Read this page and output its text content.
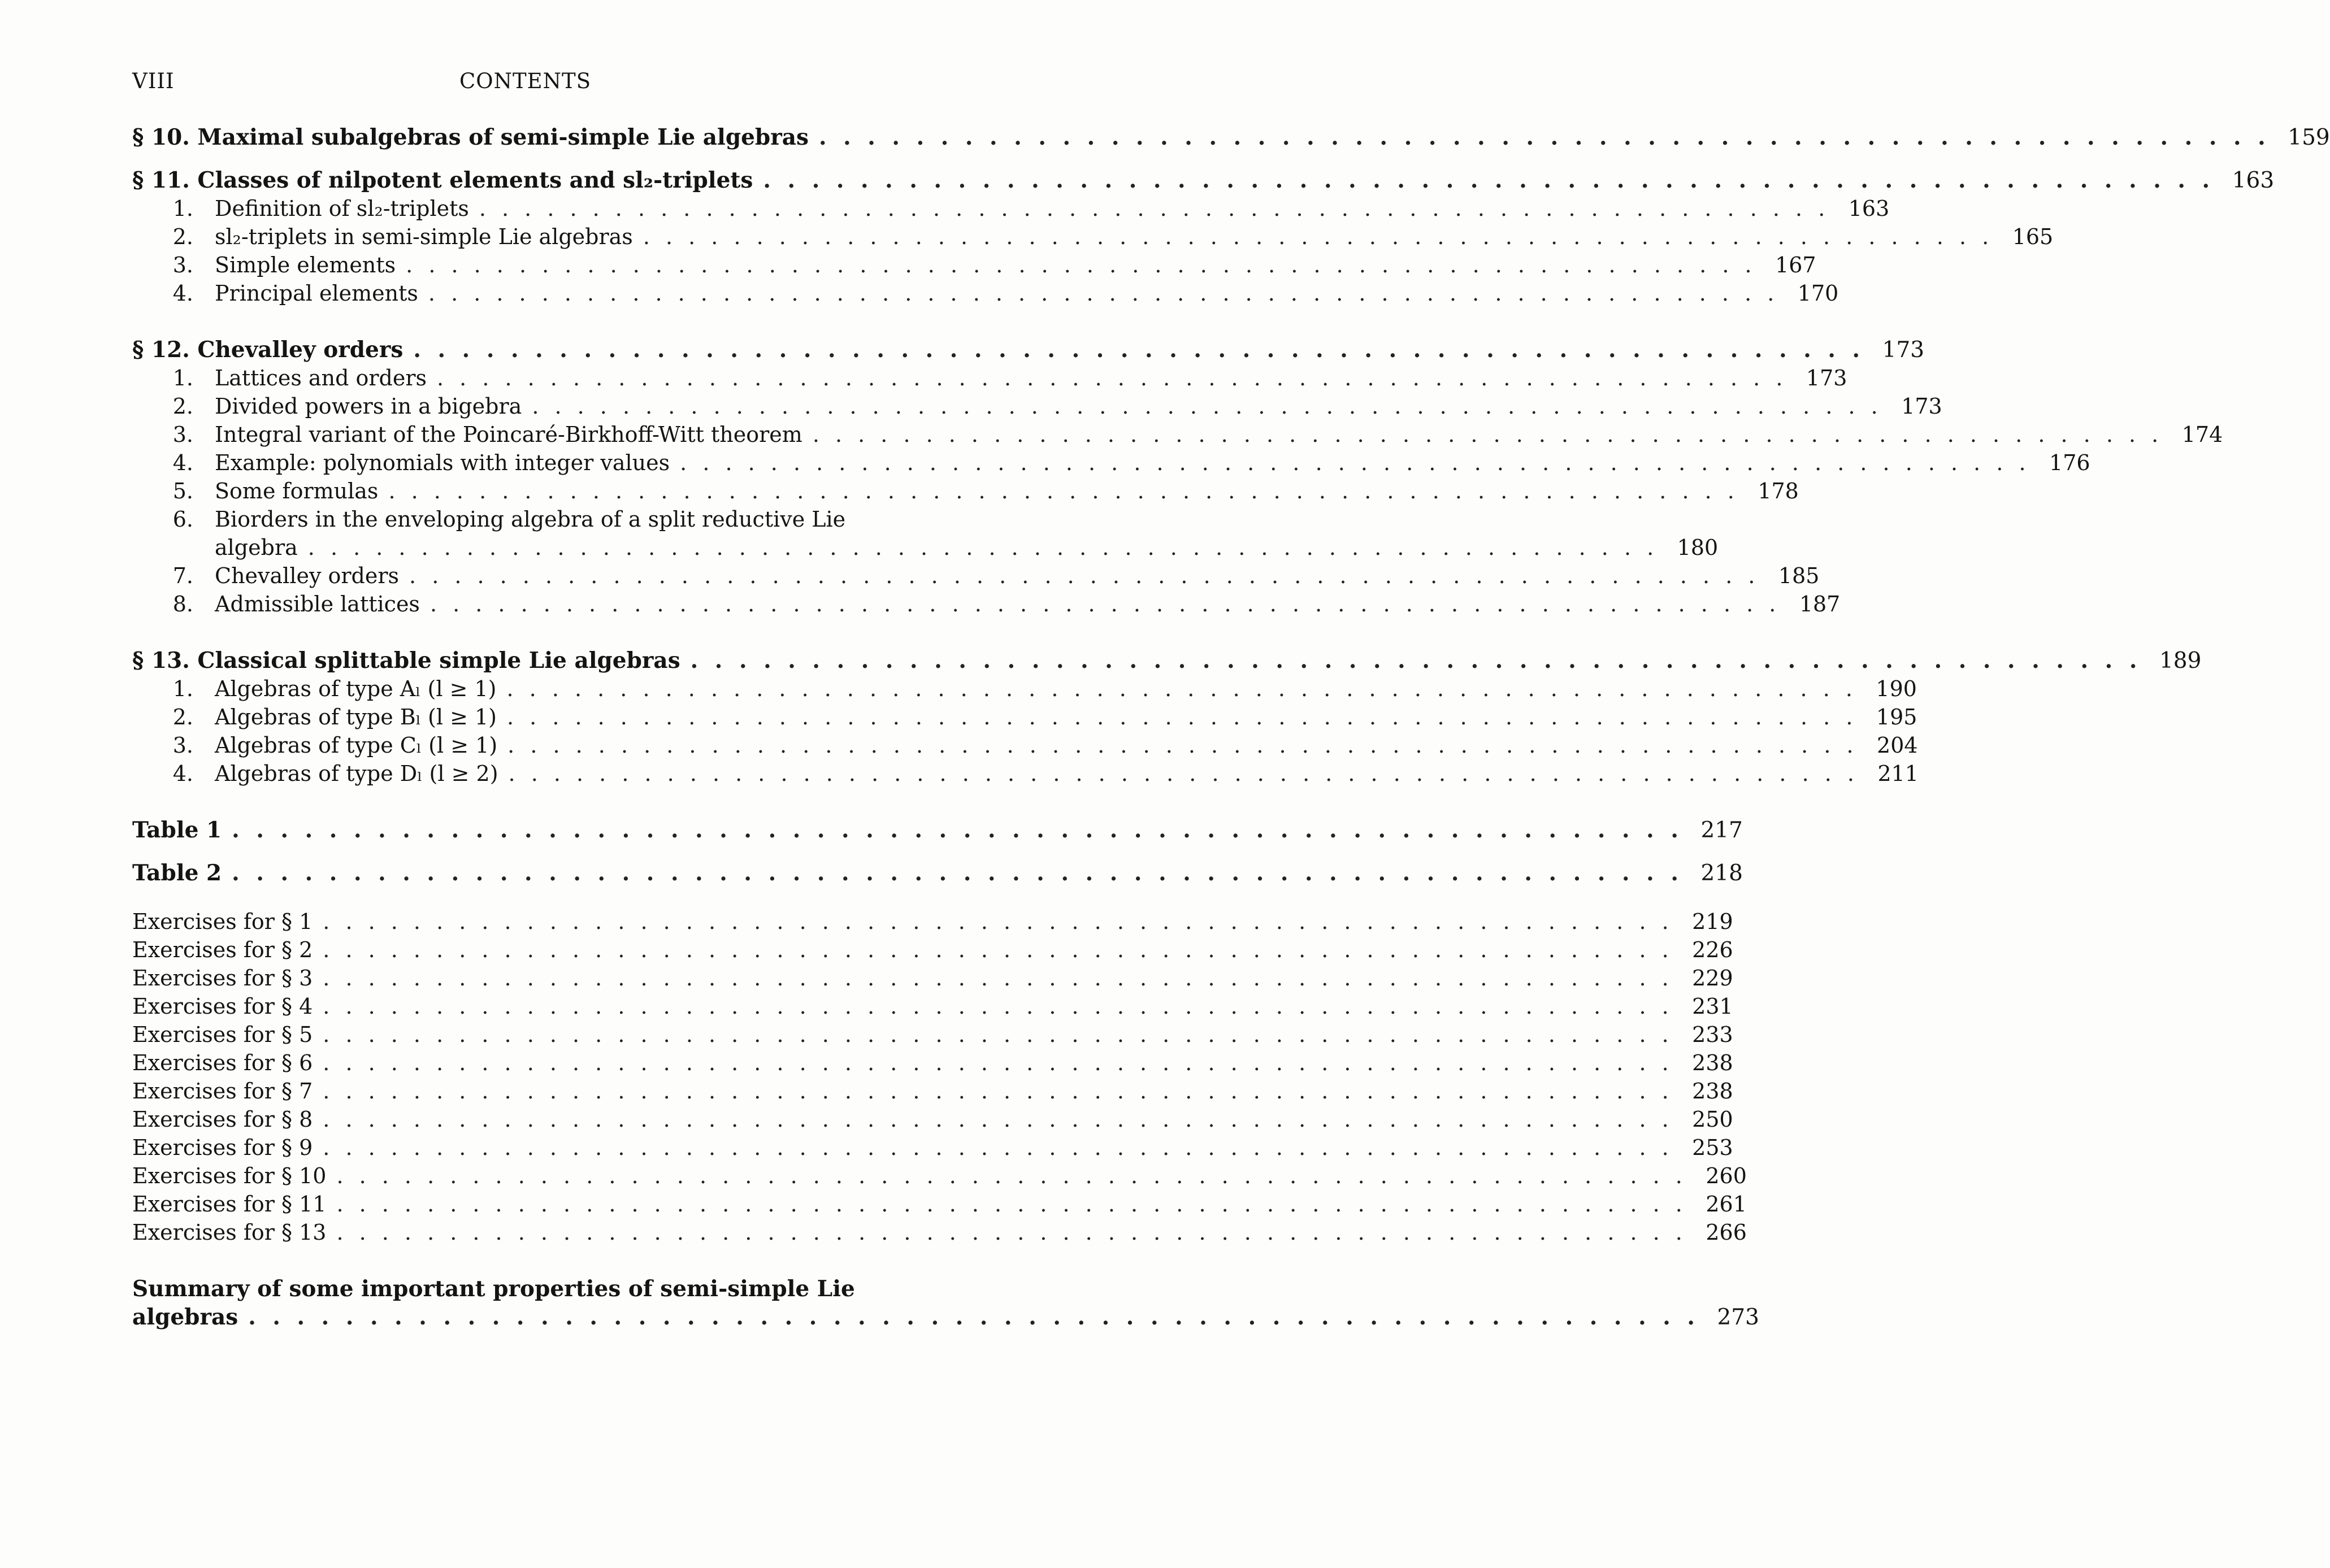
VIII	CONTENTS
§ 10. Maximal subalgebras of semi-simple Lie algebras . . . . . . . . . . . . . . . . . . . . . . . . . . . . . . . . . . . . . . . . . . . . . . . . . . . . . . . . . . . . 159
§ 11. Classes of nilpotent elements and sl₂-triplets . . . . . . . . . . . . . . . . . . . . . . . . . . . . . . . . . . . . . . . . . . . . . . . . . . . . . . . . . . . . 163
1. Definition of sl₂-triplets . . . . . . . . . . . . . . . . . . . . . . . . . . . . . . . . . . . . . . . . . . . . . . . . . . . . . . . . . . . . 163
2. sl₂-triplets in semi-simple Lie algebras . . . . . . . . . . . . . . . . . . . . . . . . . . . . . . . . . . . . . . . . . . . . . . . . . . . . . . . . . . . . 165
3. Simple elements . . . . . . . . . . . . . . . . . . . . . . . . . . . . . . . . . . . . . . . . . . . . . . . . . . . . . . . . . . . . 167
4. Principal elements . . . . . . . . . . . . . . . . . . . . . . . . . . . . . . . . . . . . . . . . . . . . . . . . . . . . . . . . . . . . 170
§ 12. Chevalley orders . . . . . . . . . . . . . . . . . . . . . . . . . . . . . . . . . . . . . . . . . . . . . . . . . . . . . . . . . . . . 173
1. Lattices and orders . . . . . . . . . . . . . . . . . . . . . . . . . . . . . . . . . . . . . . . . . . . . . . . . . . . . . . . . . . . . 173
2. Divided powers in a bigebra . . . . . . . . . . . . . . . . . . . . . . . . . . . . . . . . . . . . . . . . . . . . . . . . . . . . . . . . . . . . 173
3. Integral variant of the Poincaré-Birkhoff-Witt theorem . . . . . . . . . . . . . . . . . . . . . . . . . . . . . . . . . . . . . . . . . . . . . . . . . . . . . . . . . . . . 174
4. Example: polynomials with integer values . . . . . . . . . . . . . . . . . . . . . . . . . . . . . . . . . . . . . . . . . . . . . . . . . . . . . . . . . . . . 176
5. Some formulas . . . . . . . . . . . . . . . . . . . . . . . . . . . . . . . . . . . . . . . . . . . . . . . . . . . . . . . . . . . . 178
6. Biorders in the enveloping algebra of a split reductive Lie
algebra . . . . . . . . . . . . . . . . . . . . . . . . . . . . . . . . . . . . . . . . . . . . . . . . . . . . . . . . . . . . 180
7. Chevalley orders . . . . . . . . . . . . . . . . . . . . . . . . . . . . . . . . . . . . . . . . . . . . . . . . . . . . . . . . . . . . 185
8. Admissible lattices . . . . . . . . . . . . . . . . . . . . . . . . . . . . . . . . . . . . . . . . . . . . . . . . . . . . . . . . . . . . 187
§ 13. Classical splittable simple Lie algebras . . . . . . . . . . . . . . . . . . . . . . . . . . . . . . . . . . . . . . . . . . . . . . . . . . . . . . . . . . . . 189
1. Algebras of type Aₗ (l ≥ 1) . . . . . . . . . . . . . . . . . . . . . . . . . . . . . . . . . . . . . . . . . . . . . . . . . . . . . . . . . . . . 190
2. Algebras of type Bₗ (l ≥ 1) . . . . . . . . . . . . . . . . . . . . . . . . . . . . . . . . . . . . . . . . . . . . . . . . . . . . . . . . . . . . 195
3. Algebras of type Cₗ (l ≥ 1) . . . . . . . . . . . . . . . . . . . . . . . . . . . . . . . . . . . . . . . . . . . . . . . . . . . . . . . . . . . . 204
4. Algebras of type Dₗ (l ≥ 2) . . . . . . . . . . . . . . . . . . . . . . . . . . . . . . . . . . . . . . . . . . . . . . . . . . . . . . . . . . . . 211
Table 1 . . . . . . . . . . . . . . . . . . . . . . . . . . . . . . . . . . . . . . . . . . . . . . . . . . . . . . . . . . . . 217
Table 2 . . . . . . . . . . . . . . . . . . . . . . . . . . . . . . . . . . . . . . . . . . . . . . . . . . . . . . . . . . . . 218
Exercises for § 1 . . . . . . . . . . . . . . . . . . . . . . . . . . . . . . . . . . . . . . . . . . . . . . . . . . . . . . . . . . . . 219
Exercises for § 2 . . . . . . . . . . . . . . . . . . . . . . . . . . . . . . . . . . . . . . . . . . . . . . . . . . . . . . . . . . . . 226
Exercises for § 3 . . . . . . . . . . . . . . . . . . . . . . . . . . . . . . . . . . . . . . . . . . . . . . . . . . . . . . . . . . . . 229
Exercises for § 4 . . . . . . . . . . . . . . . . . . . . . . . . . . . . . . . . . . . . . . . . . . . . . . . . . . . . . . . . . . . . 231
Exercises for § 5 . . . . . . . . . . . . . . . . . . . . . . . . . . . . . . . . . . . . . . . . . . . . . . . . . . . . . . . . . . . . 233
Exercises for § 6 . . . . . . . . . . . . . . . . . . . . . . . . . . . . . . . . . . . . . . . . . . . . . . . . . . . . . . . . . . . . 238
Exercises for § 7 . . . . . . . . . . . . . . . . . . . . . . . . . . . . . . . . . . . . . . . . . . . . . . . . . . . . . . . . . . . . 238
Exercises for § 8 . . . . . . . . . . . . . . . . . . . . . . . . . . . . . . . . . . . . . . . . . . . . . . . . . . . . . . . . . . . . 250
Exercises for § 9 . . . . . . . . . . . . . . . . . . . . . . . . . . . . . . . . . . . . . . . . . . . . . . . . . . . . . . . . . . . . 253
Exercises for § 10 . . . . . . . . . . . . . . . . . . . . . . . . . . . . . . . . . . . . . . . . . . . . . . . . . . . . . . . . . . . . 260
Exercises for § 11 . . . . . . . . . . . . . . . . . . . . . . . . . . . . . . . . . . . . . . . . . . . . . . . . . . . . . . . . . . . . 261
Exercises for § 13 . . . . . . . . . . . . . . . . . . . . . . . . . . . . . . . . . . . . . . . . . . . . . . . . . . . . . . . . . . . . 266
Summary of some important properties of semi-simple Lie
algebras . . . . . . . . . . . . . . . . . . . . . . . . . . . . . . . . . . . . . . . . . . . . . . . . . . . . . . . . . . . . 273
